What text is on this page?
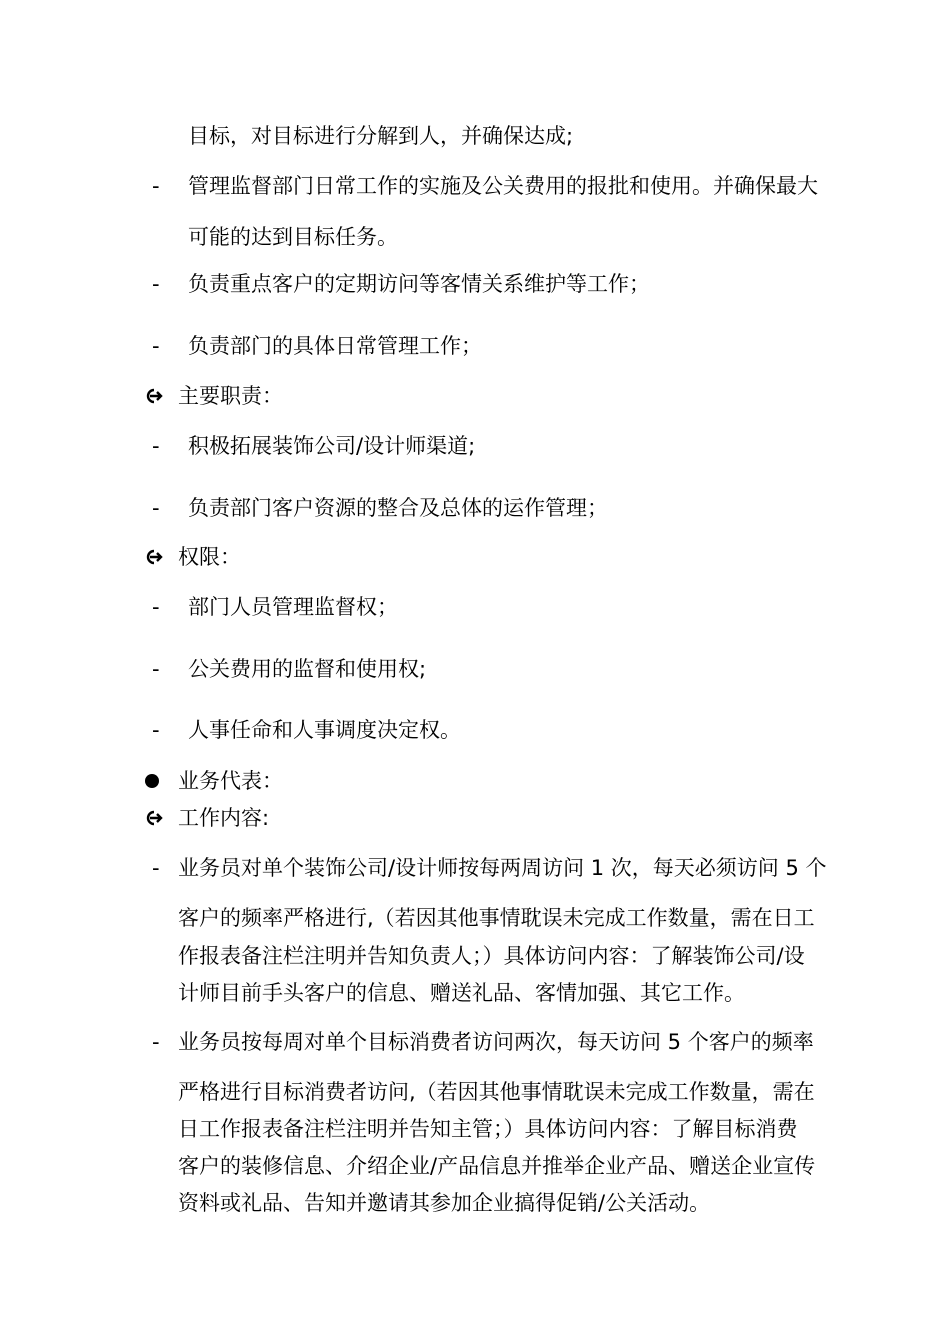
目标，对目标进行分解到人，并确保达成;
- 管理监督部门日常工作的实施及公关费用的报批和使用。并确保最大
可能的达到目标任务。
- 负责重点客户的定期访问等客情关系维护等工作；
- 负责部门的具体日常管理工作；
主要职责：
- 积极拓展装饰公司/设计师渠道;
- 负责部门客户资源的整合及总体的运作管理；
权限：
- 部门人员管理监督权；
- 公关费用的监督和使用权;
- 人事任命和人事调度决定权。
业务代表：
工作内容:
- 业务员对单个装饰公司/设计师按每两周访问 1 次，每天必须访问 5 个
客户的频率严格进行,（若因其他事情耽误未完成工作数量，需在日工
作报表备注栏注明并告知负责人；）具体访问内容：了解装饰公司/设
计师目前手头客户的信息、赠送礼品、客情加强、其它工作。
- 业务员按每周对单个目标消费者访问两次，每天访问 5 个客户的频率
严格进行目标消费者访问,（若因其他事情耽误未完成工作数量，需在
日工作报表备注栏注明并告知主管；）具体访问内容：了解目标消费
客户的装修信息、介绍企业/产品信息并推举企业产品、赠送企业宣传
资料或礼品、告知并邀请其参加企业搞得促销/公关活动。
